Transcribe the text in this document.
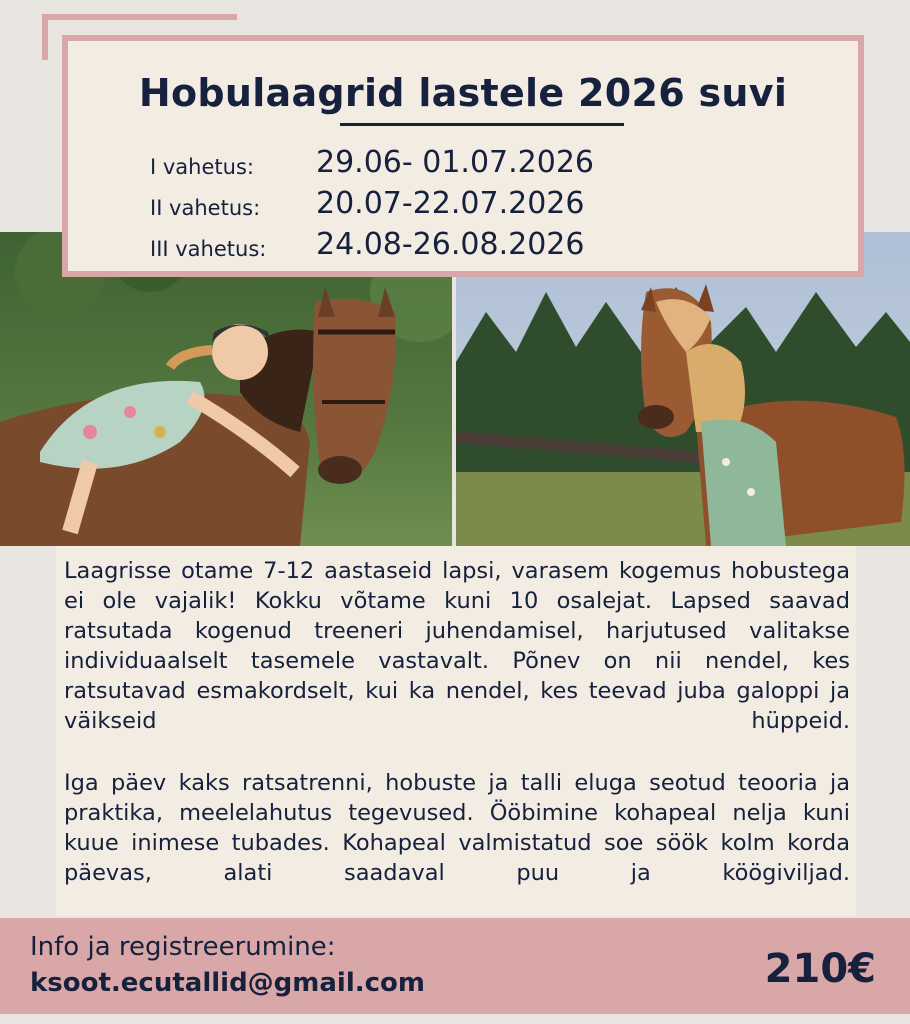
Hobulaagrid lastele 2026 suvi
I vahetus:	29.06- 01.07.2026
II vahetus:	20.07-22.07.2026
III vahetus:	24.08-26.08.2026

Laagrisse otame 7-12 aastaseid lapsi, varasem kogemus hobustega ei ole vajalik! Kokku võtame kuni 10 osalejat. Lapsed saavad ratsutada kogenud treeneri juhendamisel, harjutused valitakse individuaalselt tasemele vastavalt. Põnev on nii nendel, kes ratsutavad esmakordselt, kui ka nendel, kes teevad juba galoppi ja väikseid hüppeid.

Iga päev kaks ratsatrenni, hobuste ja talli eluga seotud teooria ja praktika, meelelahutus tegevused. Ööbimine kohapeal nelja kuni kuue inimese tubades. Kohapeal valmistatud soe söök kolm korda päevas, alati saadaval puu ja köögiviljad.

Info ja registreerumine:
ksoot.ecutallid@gmail.com	210€
